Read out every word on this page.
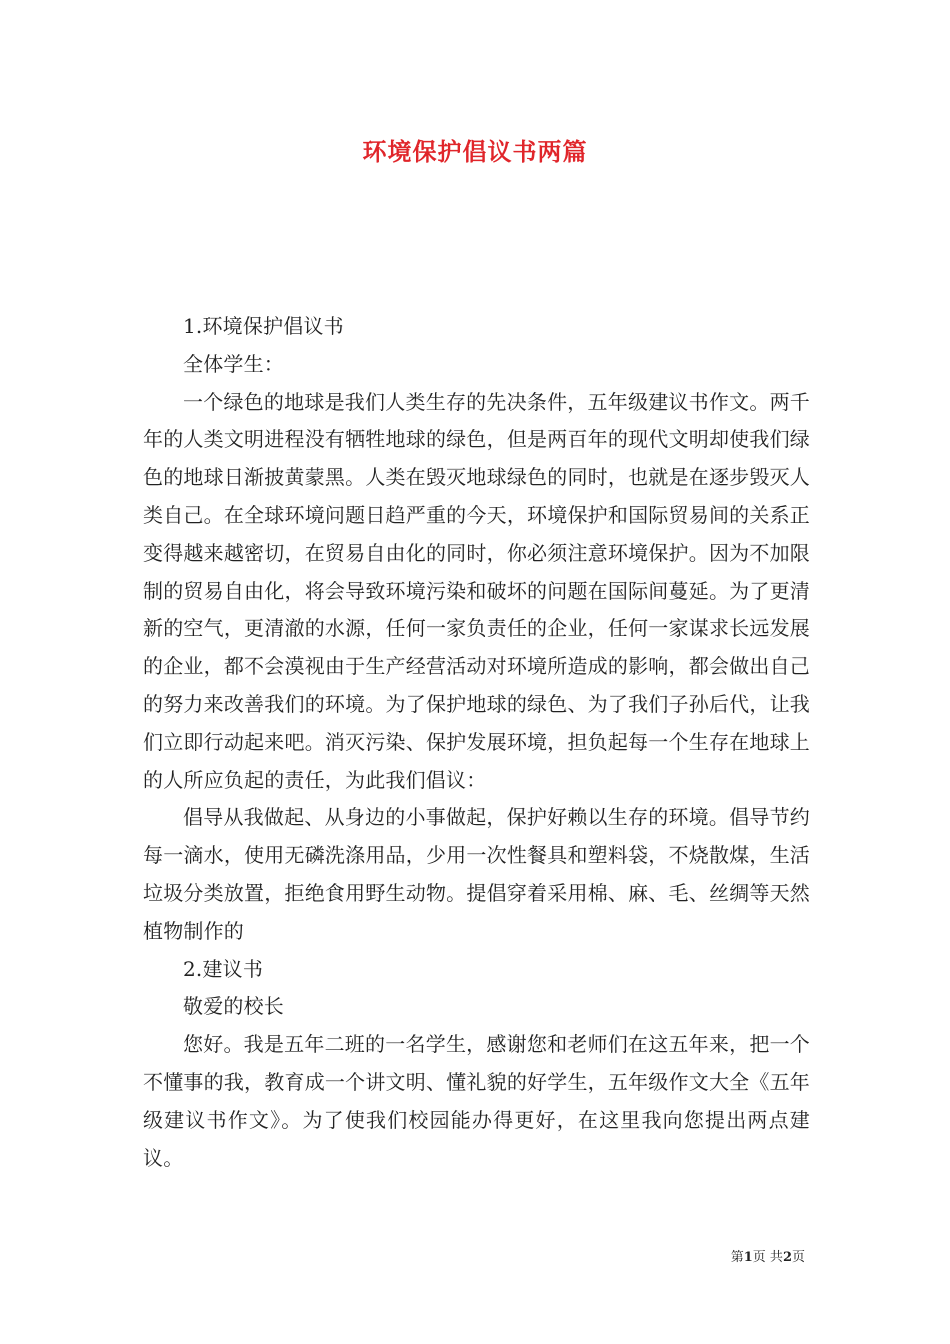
环境保护倡议书两篇

1.环境保护倡议书

全体学生：

一个绿色的地球是我们人类生存的先决条件，五年级建议书作文。两千年的人类文明进程没有牺牲地球的绿色，但是两百年的现代文明却使我们绿色的地球日渐披黄蒙黑。人类在毁灭地球绿色的同时，也就是在逐步毁灭人类自己。在全球环境问题日趋严重的今天，环境保护和国际贸易间的关系正变得越来越密切，在贸易自由化的同时，你必须注意环境保护。因为不加限制的贸易自由化，将会导致环境污染和破坏的问题在国际间蔓延。为了更清新的空气，更清澈的水源，任何一家负责任的企业，任何一家谋求长远发展的企业，都不会漠视由于生产经营活动对环境所造成的影响，都会做出自己的努力来改善我们的环境。为了保护地球的绿色、为了我们子孙后代，让我们立即行动起来吧。消灭污染、保护发展环境，担负起每一个生存在地球上的人所应负起的责任，为此我们倡议：

倡导从我做起、从身边的小事做起，保护好赖以生存的环境。倡导节约每一滴水，使用无磷洗涤用品，少用一次性餐具和塑料袋，不烧散煤，生活垃圾分类放置，拒绝食用野生动物。提倡穿着采用棉、麻、毛、丝绸等天然植物制作的

2.建议书

敬爱的校长

您好。我是五年二班的一名学生，感谢您和老师们在这五年来，把一个不懂事的我，教育成一个讲文明、懂礼貌的好学生，五年级作文大全《五年级建议书作文》。为了使我们校园能办得更好，在这里我向您提出两点建议。

第1页 共2页
